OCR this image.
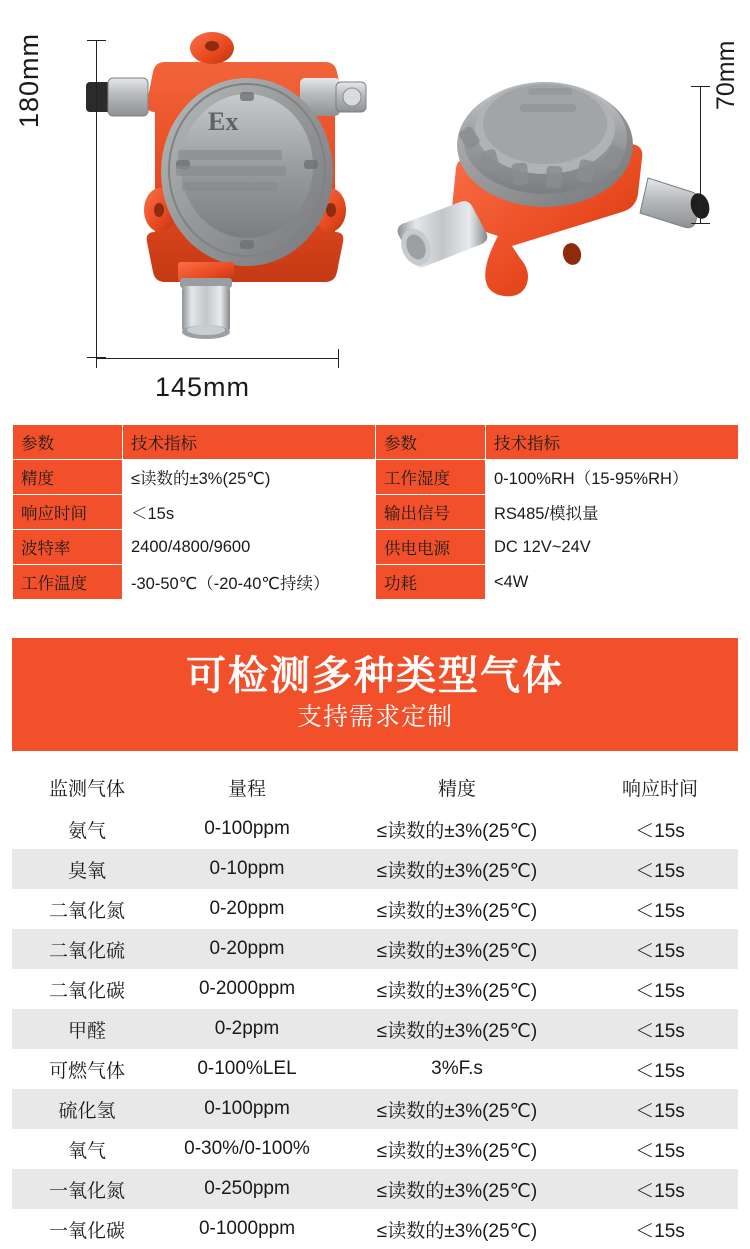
Ex
180mm
145mm
70mm
参数	技术指标	参数	技术指标
精度	≤读数的±3%(25℃)	工作湿度	0-100%RH（15-95%RH）
响应时间	＜15s	输出信号	RS485/模拟量
波特率	2400/4800/9600	供电电源	DC 12V~24V
工作温度	-30-50℃（-20-40℃持续）	功耗	<4W
可检测多种类型气体
支持需求定制
监测气体	量程	精度	响应时间
氨气	0-100ppm	≤读数的±3%(25℃)	＜15s
臭氧	0-10ppm	≤读数的±3%(25℃)	＜15s
二氧化氮	0-20ppm	≤读数的±3%(25℃)	＜15s
二氧化硫	0-20ppm	≤读数的±3%(25℃)	＜15s
二氧化碳	0-2000ppm	≤读数的±3%(25℃)	＜15s
甲醛	0-2ppm	≤读数的±3%(25℃)	＜15s
可燃气体	0-100%LEL	3%F.s	＜15s
硫化氢	0-100ppm	≤读数的±3%(25℃)	＜15s
氧气	0-30%/0-100%	≤读数的±3%(25℃)	＜15s
一氧化氮	0-250ppm	≤读数的±3%(25℃)	＜15s
一氧化碳	0-1000ppm	≤读数的±3%(25℃)	＜15s
